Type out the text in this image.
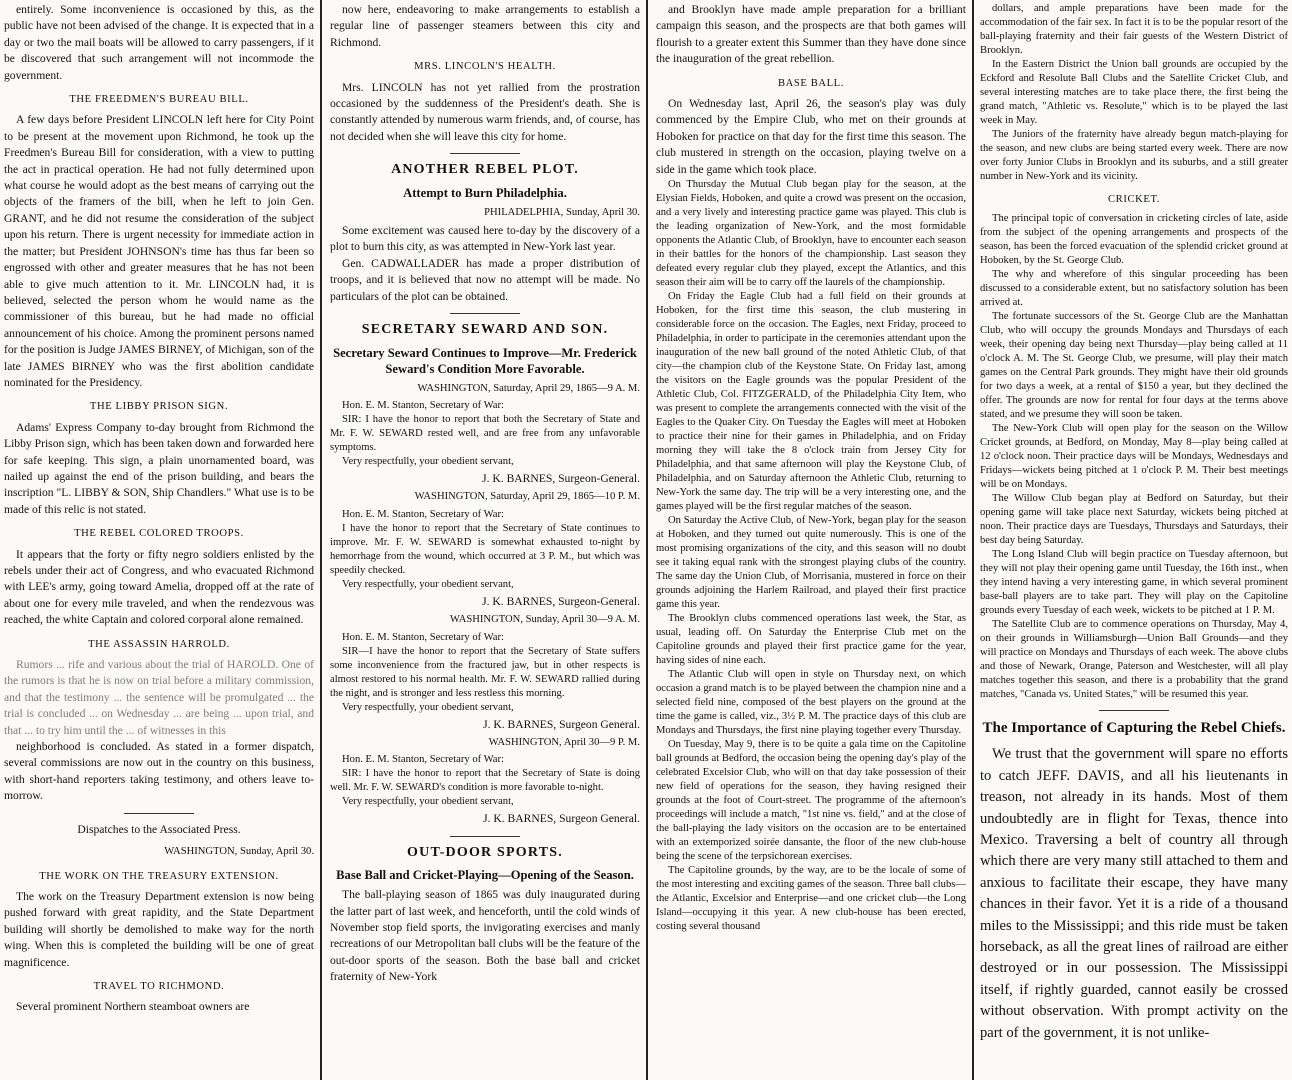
entirely. Some inconvenience is occasioned by this, as the public have not been advised of the change. It is expected that in a day or two the mail boats will be allowed to carry passengers, if it be discovered that such arrangement will not incommode the government.

THE FREEDMEN'S BUREAU BILL.

A few days before President LINCOLN left here for City Point to be present at the movement upon Richmond, he took up the Freedmen's Bureau Bill for consideration, with a view to putting the act in practical operation. He had not fully determined upon what course he would adopt as the best means of carrying out the objects of the framers of the bill, when he left to join Gen. GRANT, and he did not resume the consideration of the subject upon his return. There is urgent necessity for immediate action in the matter; but President JOHNSON's time has thus far been so engrossed with other and greater measures that he has not been able to give much attention to it. Mr. LINCOLN had, it is believed, selected the person whom he would name as the commissioner of this bureau, but he had made no official announcement of his choice. Among the prominent persons named for the position is Judge JAMES BIRNEY, of Michigan, son of the late JAMES BIRNEY who was the first abolition candidate nominated for the Presidency.

THE LIBBY PRISON SIGN.

Adams' Express Company to-day brought from Richmond the Libby Prison sign, which has been taken down and forwarded here for safe keeping. This sign, a plain unornamented board, was nailed up against the end of the prison building, and bears the inscription "L. LIBBY & SON, Ship Chandlers." What use is to be made of this relic is not stated.

THE REBEL COLORED TROOPS.

It appears that the forty or fifty negro soldiers enlisted by the rebels under their act of Congress, and who evacuated Richmond with LEE's army, going toward Amelia, dropped off at the rate of about one for every mile traveled, and when the rendezvous was reached, the white Captain and colored corporal alone remained.

THE ASSASSIN HARROLD.

Rumors ... rife and various about the trial of HAROLD. One of the rumors is that he is now on trial before a military commission, and that the testimony ... the sentence will be promulgated ... the trial is concluded ... on Wednesday ... are being ... upon trial, and that ... to try him until the ... of witnesses in this

neighborhood is concluded. As stated in a former dispatch, several commissions are now out in the country on this business, with short-hand reporters taking testimony, and others leave to-morrow.

Dispatches to the Associated Press.
WASHINGTON, Sunday, April 30.
THE WORK ON THE TREASURY EXTENSION.

The work on the Treasury Department extension is now being pushed forward with great rapidity, and the State Department building will shortly be demolished to make way for the north wing. When this is completed the building will be one of great magnificence.

TRAVEL TO RICHMOND.

Several prominent Northern steamboat owners are

now here, endeavoring to make arrangements to establish a regular line of passenger steamers between this city and Richmond.

MRS. LINCOLN'S HEALTH.

Mrs. LINCOLN has not yet rallied from the prostration occasioned by the suddenness of the President's death. She is constantly attended by numerous warm friends, and, of course, has not decided when she will leave this city for home.

ANOTHER REBEL PLOT.
Attempt to Burn Philadelphia.
PHILADELPHIA, Sunday, April 30.

Some excitement was caused here to-day by the discovery of a plot to burn this city, as was attempted in New-York last year.

Gen. CADWALLADER has made a proper distribution of troops, and it is believed that now no attempt will be made. No particulars of the plot can be obtained.

SECRETARY SEWARD AND SON.
Secretary Seward Continues to Improve—Mr. Frederick Seward's Condition More Favorable.
WASHINGTON, Saturday, April 29, 1865—9 A. M.

Hon. E. M. Stanton, Secretary of War:

SIR: I have the honor to report that both the Secretary of State and Mr. F. W. SEWARD rested well, and are free from any unfavorable symptoms.

Very respectfully, your obedient servant,

J. K. BARNES, Surgeon-General.
WASHINGTON, Saturday, April 29, 1865—10 P. M.

Hon. E. M. Stanton, Secretary of War:

I have the honor to report that the Secretary of State continues to improve. Mr. F. W. SEWARD is somewhat exhausted to-night by hemorrhage from the wound, which occurred at 3 P. M., but which was speedily checked.

Very respectfully, your obedient servant,

J. K. BARNES, Surgeon-General.
WASHINGTON, Sunday, April 30—9 A. M.

Hon. E. M. Stanton, Secretary of War:

SIR—I have the honor to report that the Secretary of State suffers some inconvenience from the fractured jaw, but in other respects is almost restored to his normal health. Mr. F. W. SEWARD rallied during the night, and is stronger and less restless this morning.

Very respectfully, your obedient servant,

J. K. BARNES, Surgeon General.
WASHINGTON, April 30—9 P. M.

Hon. E. M. Stanton, Secretary of War:

SIR: I have the honor to report that the Secretary of State is doing well. Mr. F. W. SEWARD's condition is more favorable to-night.

Very respectfully, your obedient servant,

J. K. BARNES, Surgeon General.
OUT-DOOR SPORTS.
Base Ball and Cricket-Playing—Opening of the Season.

The ball-playing season of 1865 was duly inaugurated during the latter part of last week, and henceforth, until the cold winds of November stop field sports, the invigorating exercises and manly recreations of our Metropolitan ball clubs will be the feature of the out-door sports of the season. Both the base ball and cricket fraternity of New-York

and Brooklyn have made ample preparation for a brilliant campaign this season, and the prospects are that both games will flourish to a greater extent this Summer than they have done since the inauguration of the great rebellion.

BASE BALL.

On Wednesday last, April 26, the season's play was duly commenced by the Empire Club, who met on their grounds at Hoboken for practice on that day for the first time this season. The club mustered in strength on the occasion, playing twelve on a side in the game which took place.

On Thursday the Mutual Club began play for the season, at the Elysian Fields, Hoboken, and quite a crowd was present on the occasion, and a very lively and interesting practice game was played. This club is the leading organization of New-York, and the most formidable opponents the Atlantic Club, of Brooklyn, have to encounter each season in their battles for the honors of the championship. Last season they defeated every regular club they played, except the Atlantics, and this season their aim will be to carry off the laurels of the championship.

On Friday the Eagle Club had a full field on their grounds at Hoboken, for the first time this season, the club mustering in considerable force on the occasion. The Eagles, next Friday, proceed to Philadelphia, in order to participate in the ceremonies attendant upon the inauguration of the new ball ground of the noted Athletic Club, of that city—the champion club of the Keystone State. On Friday last, among the visitors on the Eagle grounds was the popular President of the Athletic Club, Col. FITZGERALD, of the Philadelphia City Item, who was present to complete the arrangements connected with the visit of the Eagles to the Quaker City. On Tuesday the Eagles will meet at Hoboken to practice their nine for their games in Philadelphia, and on Friday morning they will take the 8 o'clock train from Jersey City for Philadelphia, and that same afternoon will play the Keystone Club, of Philadelphia, and on Saturday afternoon the Athletic Club, returning to New-York the same day. The trip will be a very interesting one, and the games played will be the first regular matches of the season.

On Saturday the Active Club, of New-York, began play for the season at Hoboken, and they turned out quite numerously. This is one of the most promising organizations of the city, and this season will no doubt see it taking equal rank with the strongest playing clubs of the country. The same day the Union Club, of Morrisania, mustered in force on their grounds adjoining the Harlem Railroad, and played their first practice game this year.

The Brooklyn clubs commenced operations last week, the Star, as usual, leading off. On Saturday the Enterprise Club met on the Capitoline grounds and played their first practice game for the year, having sides of nine each.

The Atlantic Club will open in style on Thursday next, on which occasion a grand match is to be played between the champion nine and a selected field nine, composed of the best players on the ground at the time the game is called, viz., 3½ P. M. The practice days of this club are Mondays and Thursdays, the first nine playing together every Thursday.

On Tuesday, May 9, there is to be quite a gala time on the Capitoline ball grounds at Bedford, the occasion being the opening day's play of the celebrated Excelsior Club, who will on that day take possession of their new field of operations for the season, they having resigned their grounds at the foot of Court-street. The programme of the afternoon's proceedings will include a match, "1st nine vs. field," and at the close of the ball-playing the lady visitors on the occasion are to be entertained with an extemporized soirée dansante, the floor of the new club-house being the scene of the terpsichorean exercises.

The Capitoline grounds, by the way, are to be the locale of some of the most interesting and exciting games of the season. Three ball clubs—the Atlantic, Excelsior and Enterprise—and one cricket club—the Long Island—occupying it this year. A new club-house has been erected, costing several thousand

dollars, and ample preparations have been made for the accommodation of the fair sex. In fact it is to be the popular resort of the ball-playing fraternity and their fair guests of the Western District of Brooklyn.

In the Eastern District the Union ball grounds are occupied by the Eckford and Resolute Ball Clubs and the Satellite Cricket Club, and several interesting matches are to take place there, the first being the grand match, "Athletic vs. Resolute," which is to be played the last week in May.

The Juniors of the fraternity have already begun match-playing for the season, and new clubs are being started every week. There are now over forty Junior Clubs in Brooklyn and its suburbs, and a still greater number in New-York and its vicinity.

CRICKET.

The principal topic of conversation in cricketing circles of late, aside from the subject of the opening arrangements and prospects of the season, has been the forced evacuation of the splendid cricket ground at Hoboken, by the St. George Club.

The why and wherefore of this singular proceeding has been discussed to a considerable extent, but no satisfactory solution has been arrived at.

The fortunate successors of the St. George Club are the Manhattan Club, who will occupy the grounds Mondays and Thursdays of each week, their opening day being next Thursday—play being called at 11 o'clock A. M. The St. George Club, we presume, will play their match games on the Central Park grounds. They might have their old grounds for two days a week, at a rental of $150 a year, but they declined the offer. The grounds are now for rental for four days at the terms above stated, and we presume they will soon be taken.

The New-York Club will open play for the season on the Willow Cricket grounds, at Bedford, on Monday, May 8—play being called at 12 o'clock noon. Their practice days will be Mondays, Wednesdays and Fridays—wickets being pitched at 1 o'clock P. M. Their best meetings will be on Mondays.

The Willow Club began play at Bedford on Saturday, but their opening game will take place next Saturday, wickets being pitched at noon. Their practice days are Tuesdays, Thursdays and Saturdays, their best day being Saturday.

The Long Island Club will begin practice on Tuesday afternoon, but they will not play their opening game until Tuesday, the 16th inst., when they intend having a very interesting game, in which several prominent base-ball players are to take part. They will play on the Capitoline grounds every Tuesday of each week, wickets to be pitched at 1 P. M.

The Satellite Club are to commence operations on Thursday, May 4, on their grounds in Williamsburgh—Union Ball Grounds—and they will practice on Mondays and Thursdays of each week. The above clubs and those of Newark, Orange, Paterson and Westchester, will all play matches together this season, and there is a probability that the grand matches, "Canada vs. United States," will be resumed this year.

The Importance of Capturing the Rebel Chiefs.

We trust that the government will spare no efforts to catch JEFF. DAVIS, and all his lieutenants in treason, not already in its hands. Most of them undoubtedly are in flight for Texas, thence into Mexico. Traversing a belt of country all through which there are very many still attached to them and anxious to facilitate their escape, they have many chances in their favor. Yet it is a ride of a thousand miles to the Mississippi; and this ride must be taken horseback, as all the great lines of railroad are either destroyed or in our possession. The Mississippi itself, if rightly guarded, cannot easily be crossed without observation. With prompt activity on the part of the government, it is not unlike-
